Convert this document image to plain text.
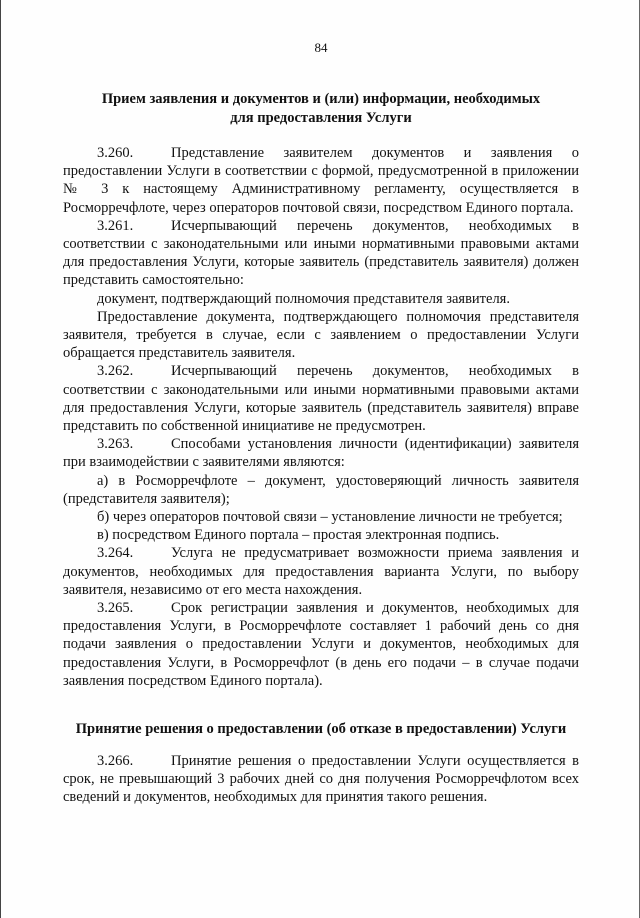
84
Прием заявления и документов и (или) информации, необходимых
для предоставления Услуги

3.260.	Представление заявителем документов и заявления о предоставлении Услуги в соответствии с формой, предусмотренной в приложении № 3 к настоящему Административному регламенту, осуществляется в Росморречфлоте, через операторов почтовой связи, посредством Единого портала.

3.261.	Исчерпывающий перечень документов, необходимых в соответствии с законодательными или иными нормативными правовыми актами для предоставления Услуги, которые заявитель (представитель заявителя) должен представить самостоятельно:

документ, подтверждающий полномочия представителя заявителя.

Предоставление документа, подтверждающего полномочия представителя заявителя, требуется в случае, если с заявлением о предоставлении Услуги обращается представитель заявителя.

3.262.	Исчерпывающий перечень документов, необходимых в соответствии с законодательными или иными нормативными правовыми актами для предоставления Услуги, которые заявитель (представитель заявителя) вправе представить по собственной инициативе не предусмотрен.

3.263.	Способами установления личности (идентификации) заявителя при взаимодействии с заявителями являются:

а) в Росморречфлоте – документ, удостоверяющий личность заявителя (представителя заявителя);

б) через операторов почтовой связи – установление личности не требуется;

в) посредством Единого портала – простая электронная подпись.

3.264.	Услуга не предусматривает возможности приема заявления и документов, необходимых для предоставления варианта Услуги, по выбору заявителя, независимо от его места нахождения.

3.265.	Срок регистрации заявления и документов, необходимых для предоставления Услуги, в Росморречфлоте составляет 1 рабочий день со дня подачи заявления о предоставлении Услуги и документов, необходимых для предоставления Услуги, в Росморречфлот (в день его подачи – в случае подачи заявления посредством Единого портала).

Принятие решения о предоставлении (об отказе в предоставлении) Услуги

3.266.	Принятие решения о предоставлении Услуги осуществляется в срок, не превышающий 3 рабочих дней со дня получения Росморречфлотом всех сведений и документов, необходимых для принятия такого решения.
